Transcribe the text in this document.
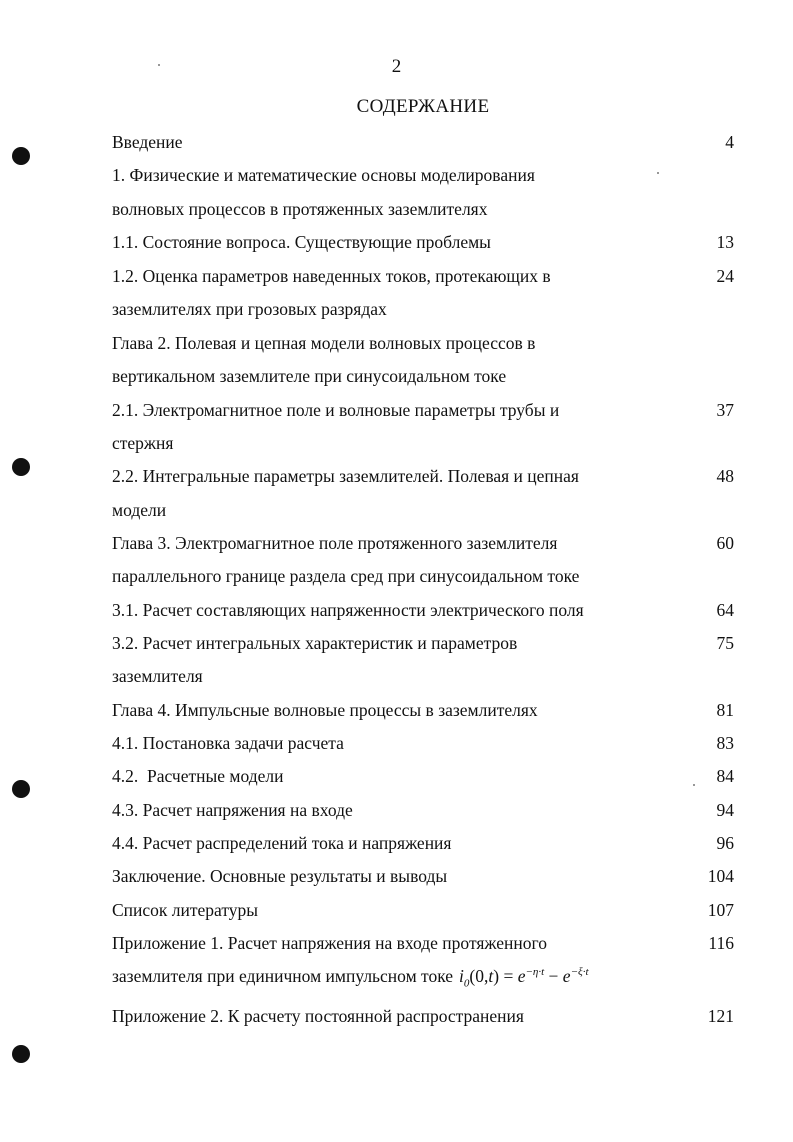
2
СОДЕРЖАНИЕ
Введение	4
1. Физические и математические основы моделирования
волновых процессов в протяженных заземлителях
1.1. Состояние вопроса. Существующие проблемы	13
1.2. Оценка параметров наведенных токов, протекающих в	24
заземлителях при грозовых разрядах
Глава 2. Полевая и цепная модели волновых процессов в
вертикальном заземлителе при синусоидальном токе
2.1. Электромагнитное поле и волновые параметры трубы и	37
стержня
2.2. Интегральные параметры заземлителей. Полевая и цепная	48
модели
Глава 3. Электромагнитное поле протяженного заземлителя	60
параллельного границе раздела сред при синусоидальном токе
3.1. Расчет составляющих напряженности электрического поля	64
3.2. Расчет интегральных характеристик и параметров	75
заземлителя
Глава 4. Импульсные волновые процессы в заземлителях	81
4.1. Постановка задачи расчета	83
4.2.  Расчетные модели	84
4.3. Расчет напряжения на входе	94
4.4. Расчет распределений тока и напряжения	96
Заключение. Основные результаты и выводы	104
Список литературы	107
Приложение 1. Расчет напряжения на входе протяженного	116
заземлителя при единичном импульсном токе $i_0(0,t) = e^{-\eta\cdot t} - e^{-\xi\cdot t}$
Приложение 2. К расчету постоянной распространения	121
